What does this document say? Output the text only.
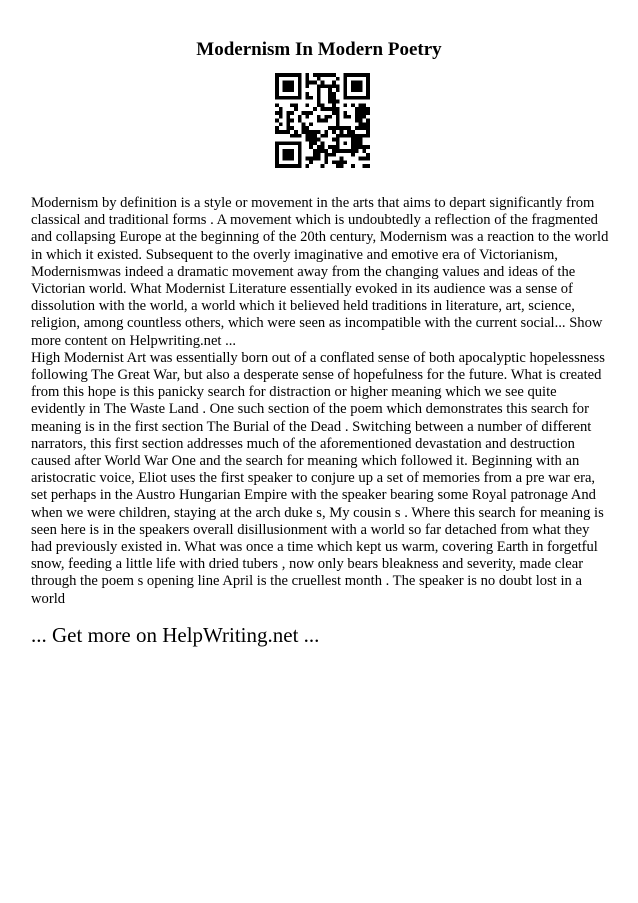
Modernism In Modern Poetry

Modernism by definition is a style or movement in the arts that aims to depart significantly from classical and traditional forms . A movement which is undoubtedly a reflection of the fragmented and collapsing Europe at the beginning of the 20th century, Modernism was a reaction to the world in which it existed. Subsequent to the overly imaginative and emotive era of Victorianism, Modernismwas indeed a dramatic movement away from the changing values and ideas of the Victorian world. What Modernist Literature essentially evoked in its audience was a sense of dissolution with the world, a world which it believed held traditions in literature, art, science, religion, among countless others, which were seen as incompatible with the current social... Show more content on Helpwriting.net ...

High Modernist Art was essentially born out of a conflated sense of both apocalyptic hopelessness following The Great War, but also a desperate sense of hopefulness for the future. What is created from this hope is this panicky search for distraction or higher meaning which we see quite evidently in The Waste Land . One such section of the poem which demonstrates this search for meaning is in the first section The Burial of the Dead . Switching between a number of different narrators, this first section addresses much of the aforementioned devastation and destruction caused after World War One and the search for meaning which followed it. Beginning with an aristocratic voice, Eliot uses the first speaker to conjure up a set of memories from a pre war era, set perhaps in the Austro Hungarian Empire with the speaker bearing some Royal patronage And when we were children, staying at the arch duke s, My cousin s . Where this search for meaning is seen here is in the speakers overall disillusionment with a world so far detached from what they had previously existed in. What was once a time which kept us warm, covering Earth in forgetful snow, feeding a little life with dried tubers , now only bears bleakness and severity, made clear through the poem s opening line April is the cruellest month . The speaker is no doubt lost in a world

... Get more on HelpWriting.net ...
